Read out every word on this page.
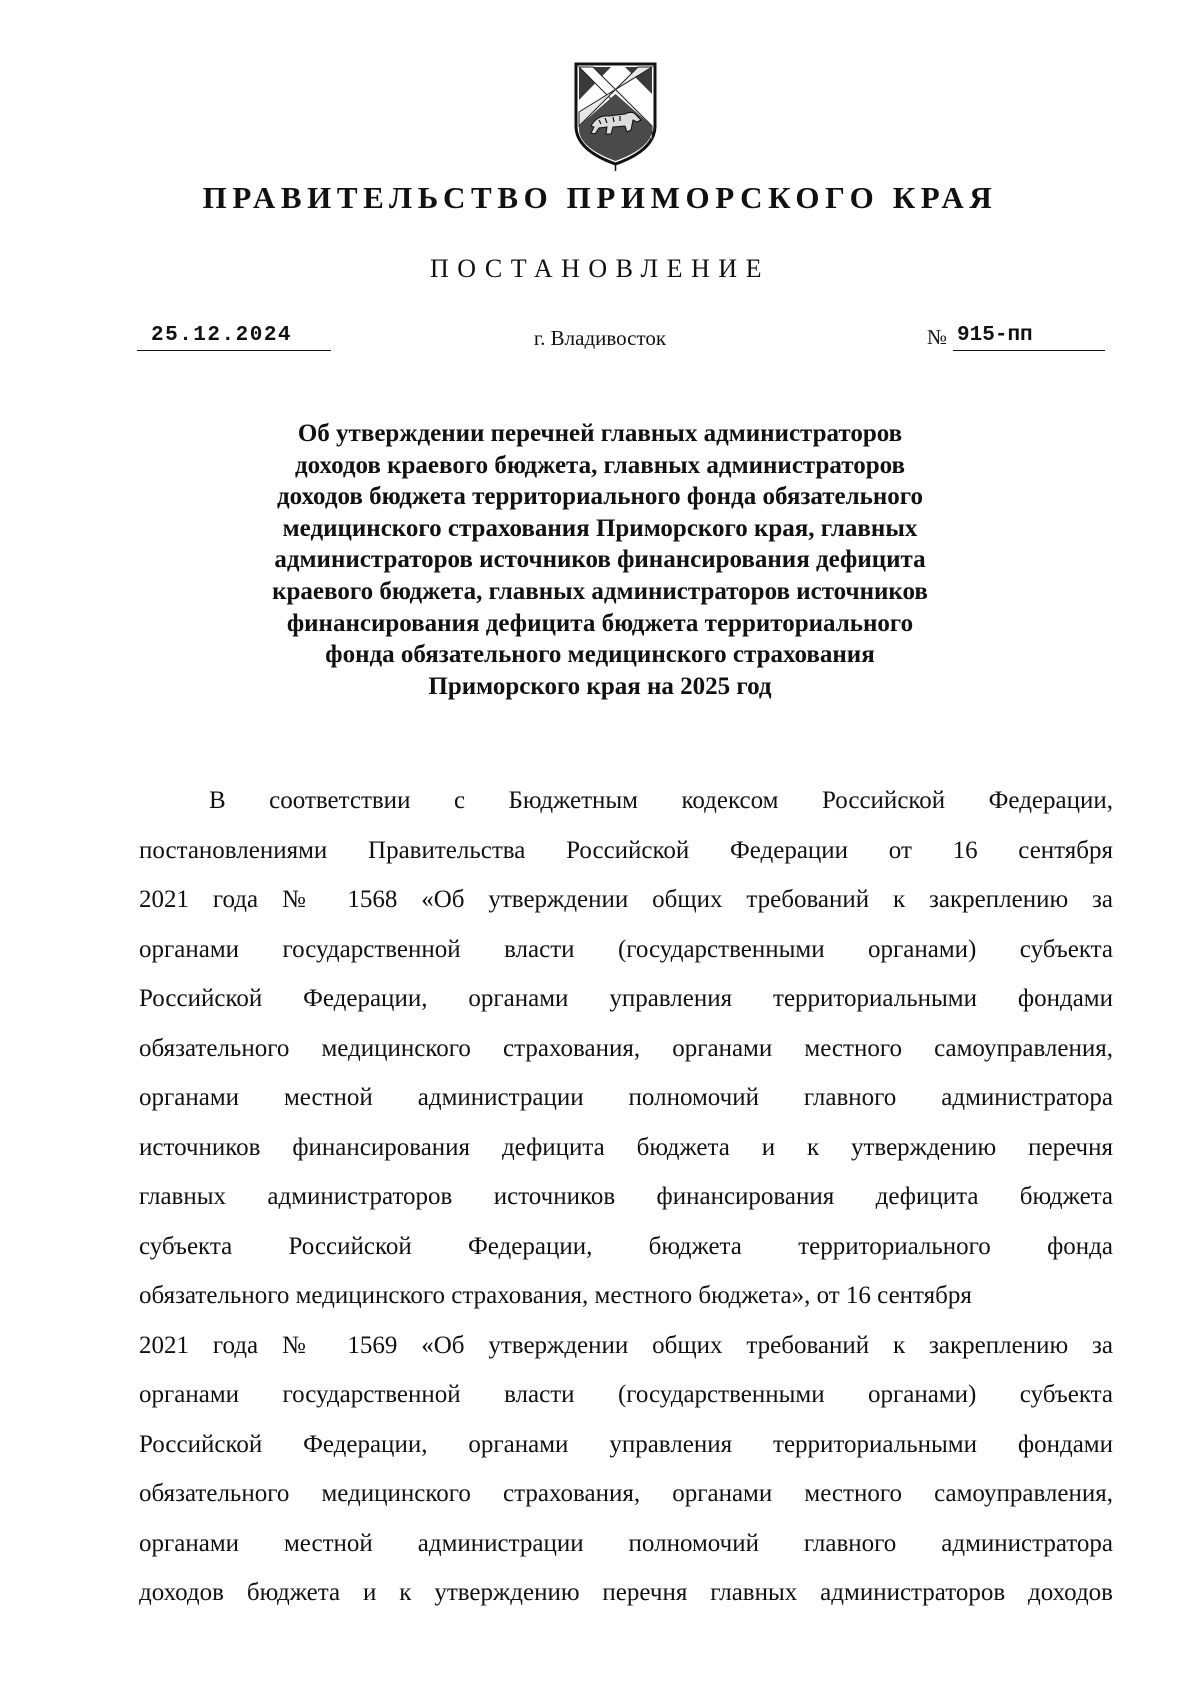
ПРАВИТЕЛЬСТВО ПРИМОРСКОГО КРАЯ
ПОСТАНОВЛЕНИЕ
25.12.2024	г. Владивосток	№ 915-пп
Об утверждении перечней главных администраторов
доходов краевого бюджета, главных администраторов
доходов бюджета территориального фонда обязательного
медицинского страхования Приморского края, главных
администраторов источников финансирования дефицита
краевого бюджета, главных администраторов источников
финансирования дефицита бюджета территориального
фонда обязательного медицинского страхования
Приморского края на 2025 год
В соответствии с Бюджетным кодексом Российской Федерации,
постановлениями Правительства Российской Федерации от 16 сентября
2021 года № 1568 «Об утверждении общих требований к закреплению за
органами государственной власти (государственными органами) субъекта
Российской Федерации, органами управления территориальными фондами
обязательного медицинского страхования, органами местного самоуправления,
органами местной администрации полномочий главного администратора
источников финансирования дефицита бюджета и к утверждению перечня
главных администраторов источников финансирования дефицита бюджета
субъекта Российской Федерации, бюджета территориального фонда
обязательного медицинского страхования, местного бюджета», от 16 сентября
2021 года № 1569 «Об утверждении общих требований к закреплению за
органами государственной власти (государственными органами) субъекта
Российской Федерации, органами управления территориальными фондами
обязательного медицинского страхования, органами местного самоуправления,
органами местной администрации полномочий главного администратора
доходов бюджета и к утверждению перечня главных администраторов доходов
